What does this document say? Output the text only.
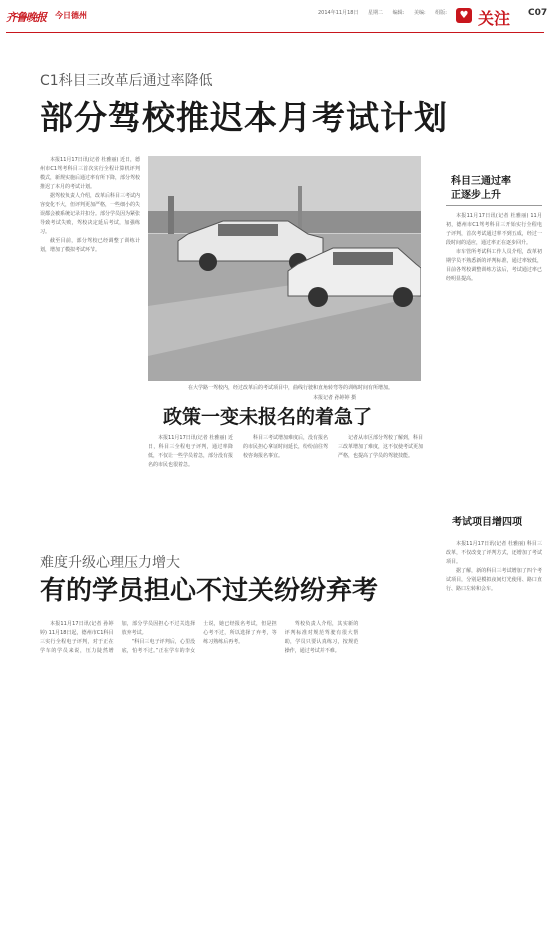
齐鲁晚报 今日德州	2014年11月18日 星期二 编辑: 美编: 组版:	♥ 关注 C07
C1科目三改革后通过率降低
部分驾校推迟本月考试计划

本报11月17日讯(记者 杜雅丽) 近日，德州市C1驾考科目三首次实行全程计算机评判模式，新规实施后通过率有所下降，部分驾校推迟了本月的考试计划。

据驾校负责人介绍，改革后科目三考试内容变化不大，但评判更加严格，一些细小的失误都会被系统记录并扣分。部分学员因为紧张导致考试失败，驾校决定延后考试，加强练习。

截至目前，部分驾校已经调整了训练计划，增加了模拟考试环节。

在大学路一驾校内，经过改革后的考试项目中，曲线行驶和直角转弯等的训练时间有所增加。
本报记者 孙婷婷 摄
政策一变未报名的着急了

本报11月17日讯(记者 杜雅丽) 近日，科目三全程电子评判，通过率降低，不仅让一些学员着急，部分没有报名的市民也很着急。

科目三考试增加难度后，没有报名的市民担心拿证时间延长，纷纷前往驾校咨询报名事宜。

记者从市区部分驾校了解到，科目三改革增加了难度，这不仅使考试更加严格，也提高了学员的驾驶技能。

科目三通过率
正逐步上升

本报11月17日讯(记者 杜雅丽) 11月初，德州市C1驾考科目三开始实行全程电子评判，首次考试通过率不到五成，经过一段时间的适应，通过率正在逐步回升。

市车管所考试科工作人员介绍，改革初期学员不熟悉新的评判标准，通过率较低，目前各驾校调整训练方法后，考试通过率已经明显提高。

考试项目增四项

本报11月17日讯(记者 杜雅丽) 科目三改革，不仅改变了评判方式，还增加了考试项目。

据了解，新的科目三考试增加了四个考试项目，分别是模拟夜间灯光使用、路口直行、路口左转和会车。

难度升级心理压力增大
有的学员担心不过关纷纷弃考

本报11月17日讯(记者 孙婷婷) 11月18日起，德州市C1科目三实行全程电子评判，对于正在学车的学员来说，压力陡然增加，部分学员因担心不过关选择放弃考试。

“科目三电子评判后，心里没底，怕考不过。”正在学车的李女士说，她已经报名考试，但是担心考不过，所以选择了弃考，等练习熟练后再考。

驾校负责人介绍，其实新的评判标准对规范驾驶有很大帮助，学员只要认真练习，按规范操作，通过考试并不难。
